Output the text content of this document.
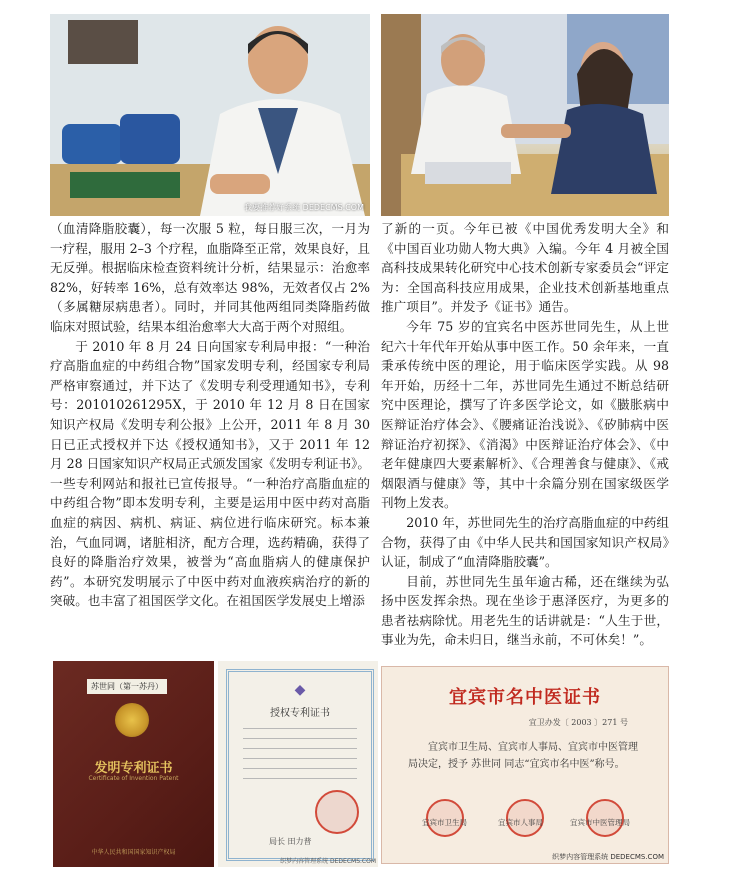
我要推荐好系统 DEDECMS.COM

（血清降脂胶囊），每一次服 5 粒，每日服三次，一月为一疗程，服用 2–3 个疗程，血脂降至正常，效果良好，且无反弹。根据临床检查资料统计分析，结果显示：治愈率 82%，好转率 16%，总有效率达 98%，无效者仅占 2%（多属糖尿病患者）。同时，并同其他两组同类降脂药做临床对照试验，结果本组治愈率大大高于两个对照组。

于 2010 年 8 月 24 日向国家专利局申报：“一种治疗高脂血症的中药组合物”国家发明专利，经国家专利局严格审察通过，并下达了《发明专利受理通知书》，专利号：201010261295X，于 2010 年 12 月 8 日在国家知识产权局《发明专利公报》上公开，2011 年 8 月 30 日已正式授权并下达《授权通知书》，又于 2011 年 12 月 28 日国家知识产权局正式颁发国家《发明专利证书》。一些专利网站和报社已宣传报导。“一种治疗高脂血症的中药组合物”即本发明专利，主要是运用中医中药对高脂血症的病因、病机、病证、病位进行临床研究。标本兼治，气血同调，诸脏相济，配方合理，选药精确，获得了良好的降脂治疗效果，被誉为“高血脂病人的健康保护药”。本研究发明展示了中医中药对血液疾病治疗的新的突破。也丰富了祖国医学文化。在祖国医学发展史上增添

了新的一页。今年已被《中国优秀发明大全》和《中国百业功勋人物大典》入编。今年 4 月被全国高科技成果转化研究中心技术创新专家委员会“评定为：全国高科技应用成果，企业技术创新基地重点推广项目”。并发予《证书》通告。

今年 75 岁的宜宾名中医苏世同先生，从上世纪六十年代年开始从事中医工作。50 余年来，一直秉承传统中医的理论，用于临床医学实践。从 98 年开始，历经十二年，苏世同先生通过不断总结研究中医理论，撰写了许多医学论文，如《臌胀病中医辩证治疗体会》、《腰痛证治浅说》、《矽肺病中医辩证治疗初探》、《消渴》中医辩证治疗体会》、《中老年健康四大要素解析》、《合理善食与健康》、《戒烟限酒与健康》等，其中十余篇分别在国家级医学刊物上发表。

2010 年，苏世同先生的治疗高脂血症的中药组合物，获得了由《中华人民共和国国家知识产权局》认证，制成了“血清降脂胶囊”。

目前，苏世同先生虽年逾古稀，还在继续为弘扬中医发挥余热。现在坐诊于惠泽医疗，为更多的患者祛病除忧。用老先生的话讲就是：“人生于世，事业为先，命未归日，继当永前，不可休矣！”。

苏世同（第一苏丹）
发明专利证书
Certificate of Invention Patent
中华人民共和国国家知识产权局
◆
授权专利证书
局长 田力普
织梦内容管理系统 DEDECMS.COM
宜宾市名中医证书
宜卫办发〔 2003 〕271 号
宜宾市卫生局、宜宾市人事局、宜宾市中医管理局决定，授予 苏世同 同志“宜宾市名中医”称号。
宜宾市卫生局	宜宾市人事局	宜宾市中医管理局
织梦内容管理系统 DEDECMS.COM
